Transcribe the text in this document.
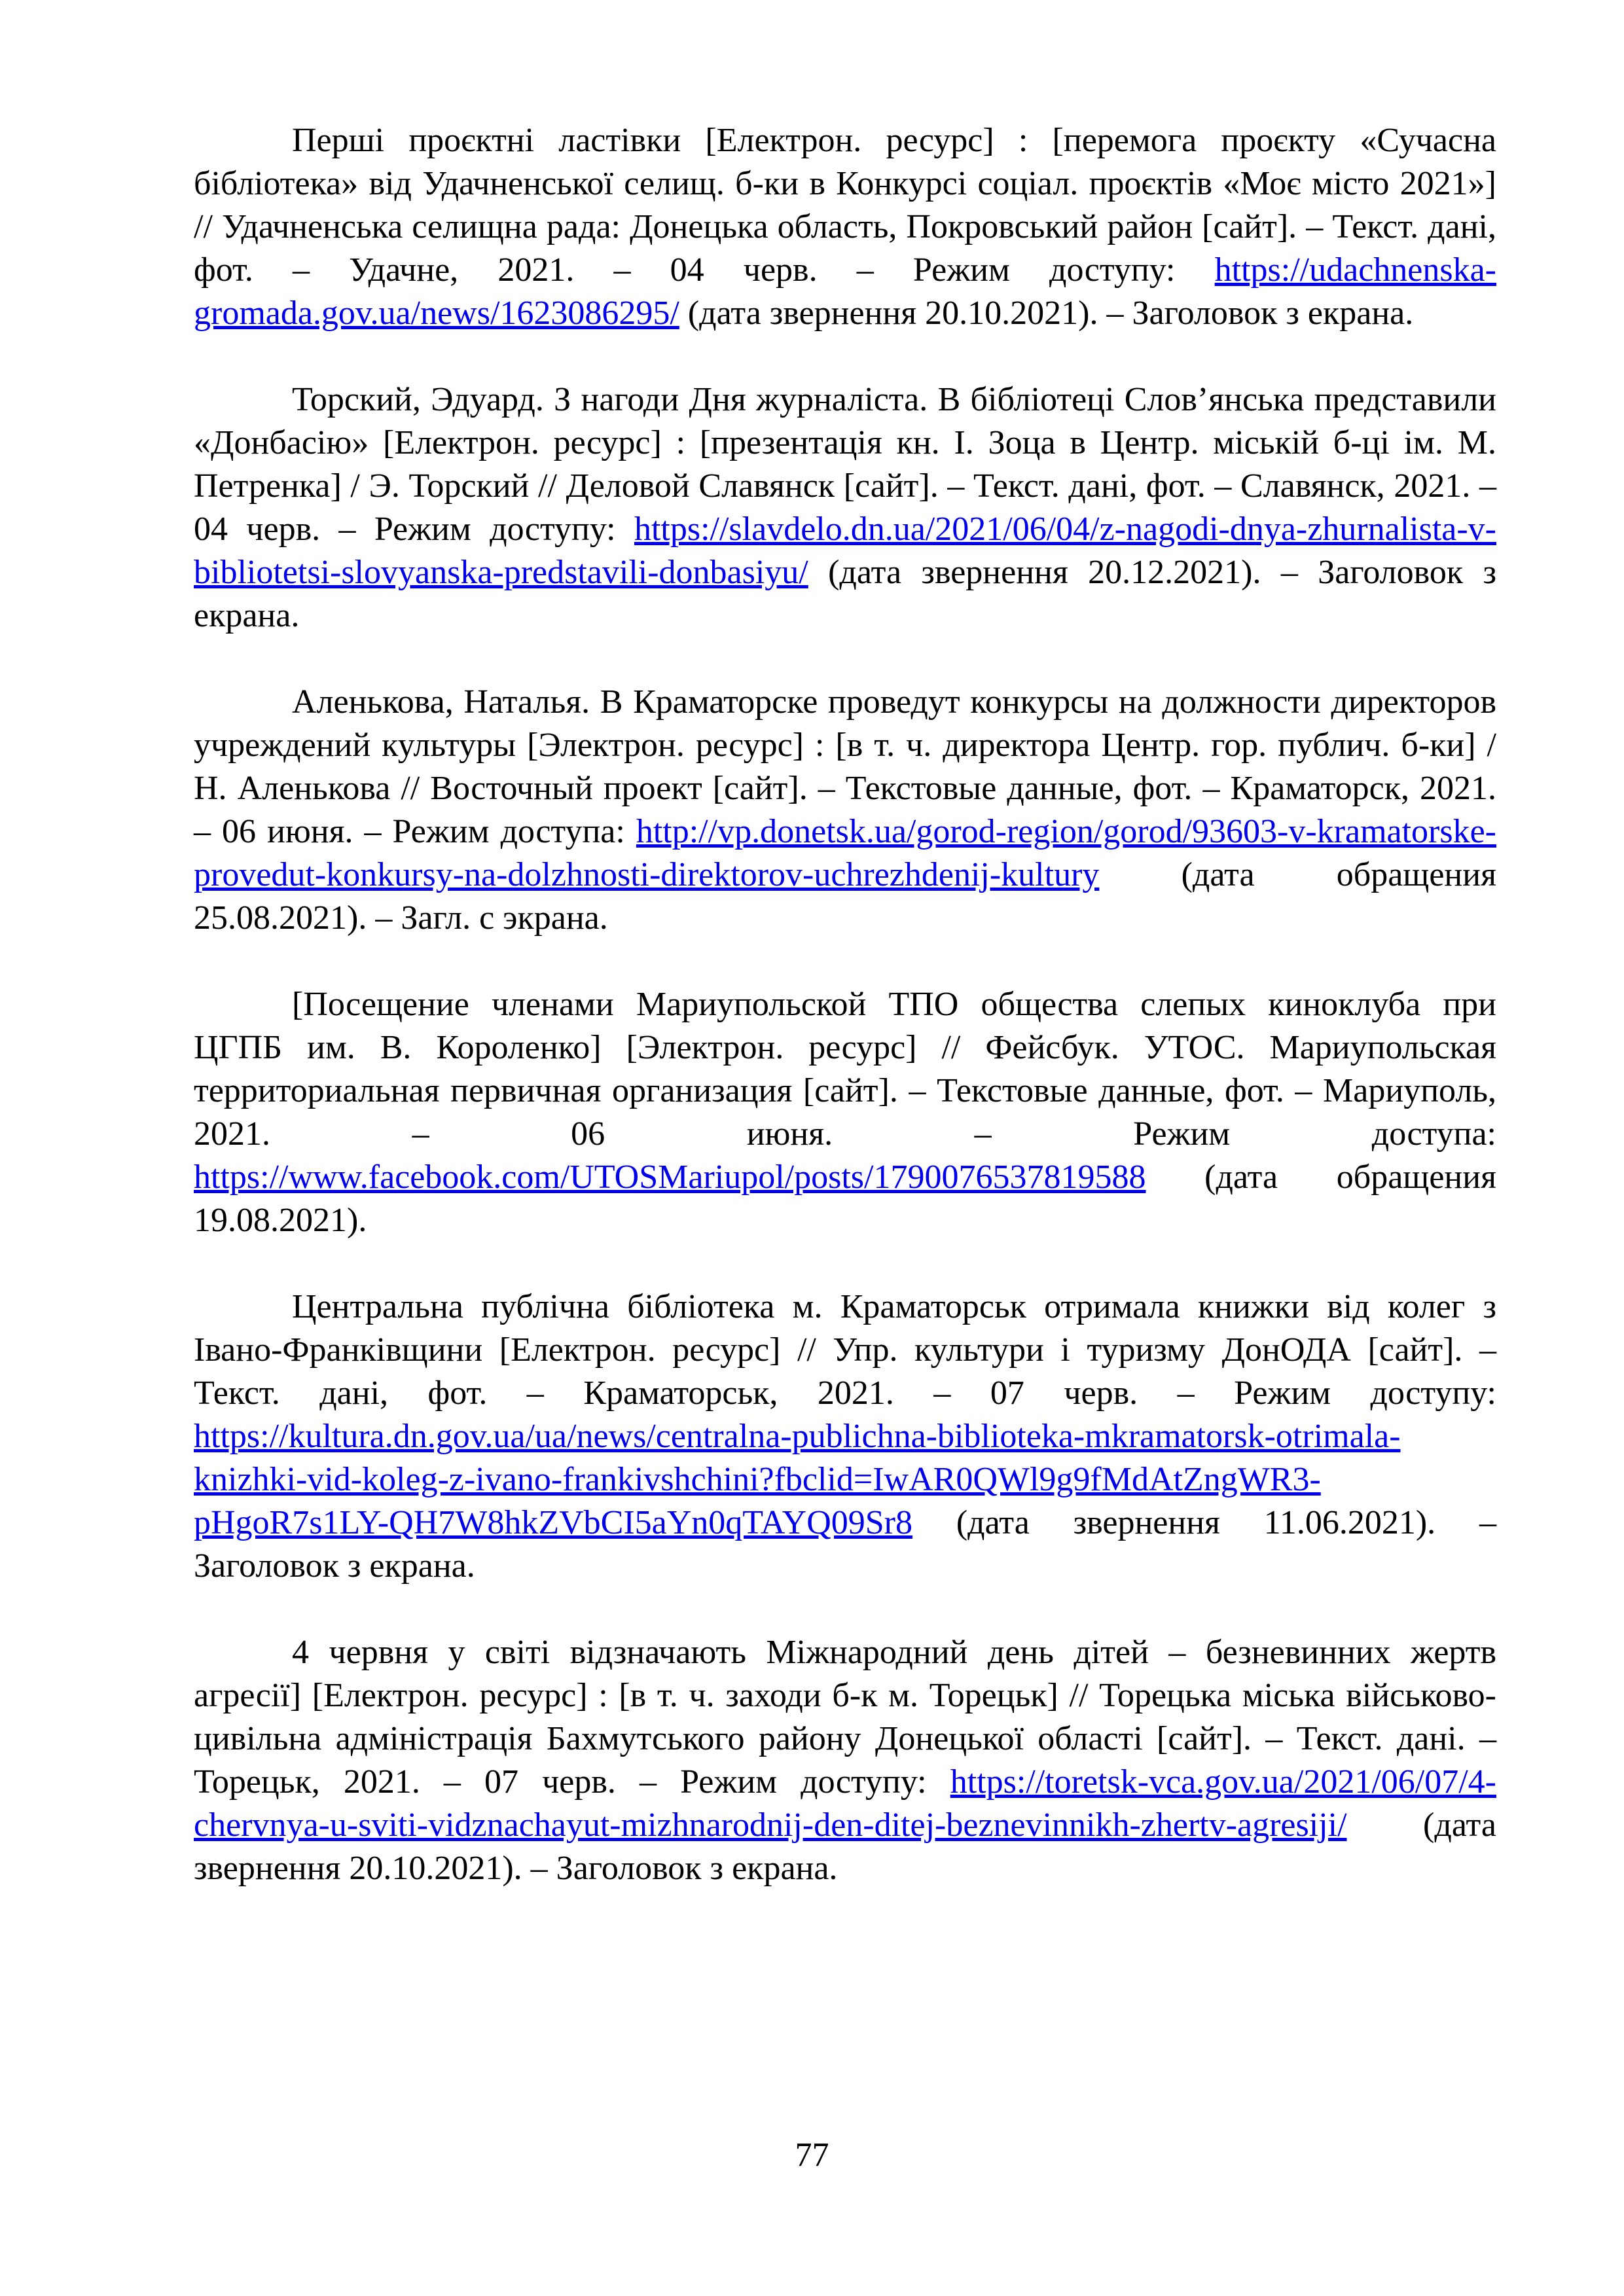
Перші проєктні ластівки [Електрон. ресурс] : [перемога проєкту «Сучасна бібліотека» від Удачненської селищ. б-ки в Конкурсі соціал. проєктів «Моє місто 2021»] // Удачненська селищна рада: Донецька область, Покровський район [сайт]. – Текст. дані, фот. – Удачне, 2021. – 04 черв. – Режим доступу: https://udachnenska-gromada.gov.ua/news/1623086295/ (дата звернення 20.10.2021). – Заголовок з екрана.

Торский, Эдуард. З нагоди Дня журналіста. В бібліотеці Слов’янська представили «Донбасію» [Електрон. ресурс] : [презентація кн. І. Зоца в Центр. міській б-ці ім. М. Петренка] / Э. Торский // Деловой Славянск [сайт]. – Текст. дані, фот. – Славянск, 2021. – 04 черв. – Режим доступу: https://slavdelo.dn.ua/2021/06/04/z-nagodi-dnya-zhurnalista-v-bibliotetsi-slovyanska-predstavili-donbasiyu/ (дата звернення 20.12.2021). – Заголовок з екрана.

Аленькова, Наталья. В Краматорске проведут конкурсы на должности директоров учреждений культуры [Электрон. ресурс] : [в т. ч. директора Центр. гор. публич. б-ки] / Н. Аленькова // Восточный проект [сайт]. – Текстовые данные, фот. – Краматорск, 2021. – 06 июня. – Режим доступа: http://vp.donetsk.ua/gorod-region/gorod/93603-v-kramatorske-provedut-konkursy-na-dolzhnosti-direktorov-uchrezhdenij-kultury (дата обращения 25.08.2021). – Загл. с экрана.

[Посещение членами Мариупольской ТПО общества слепых киноклуба при ЦГПБ им. В. Короленко] [Электрон. ресурс] // Фейсбук. УТОС. Мариупольская территориальная первичная организация [сайт]. – Текстовые данные, фот. – Мариуполь, 2021. – 06 июня. – Режим доступа: https://www.facebook.com/UTOSMariupol/posts/1790076537819588 (дата обращения 19.08.2021).

Центральна публічна бібліотека м. Краматорськ отримала книжки від колег з Івано-Франківщини [Електрон. ресурс] // Упр. культури і туризму ДонОДА [сайт]. – Текст. дані, фот. – Краматорськ, 2021. – 07 черв. – Режим доступу: https://kultura.dn.gov.ua/ua/news/centralna-publichna-biblioteka-mkramatorsk-otrimala-knizhki-vid-koleg-z-ivano-frankivshchini?fbclid=IwAR0QWl9g9fMdAtZngWR3-pHgoR7s1LY-QH7W8hkZVbCI5aYn0qTAYQ09Sr8 (дата звернення 11.06.2021). – Заголовок з екрана.

4 червня у світі відзначають Міжнародний день дітей – безневинних жертв агресії] [Електрон. ресурс] : [в т. ч. заходи б-к м. Торецьк] // Торецька міська військово-цивільна адміністрація Бахмутського району Донецької області [сайт]. – Текст. дані. – Торецьк, 2021. – 07 черв. – Режим доступу: https://toretsk-vca.gov.ua/2021/06/07/4-chervnya-u-sviti-vidznachayut-mizhnarodnij-den-ditej-beznevinnikh-zhertv-agresiji/ (дата звернення 20.10.2021). – Заголовок з екрана.

77
